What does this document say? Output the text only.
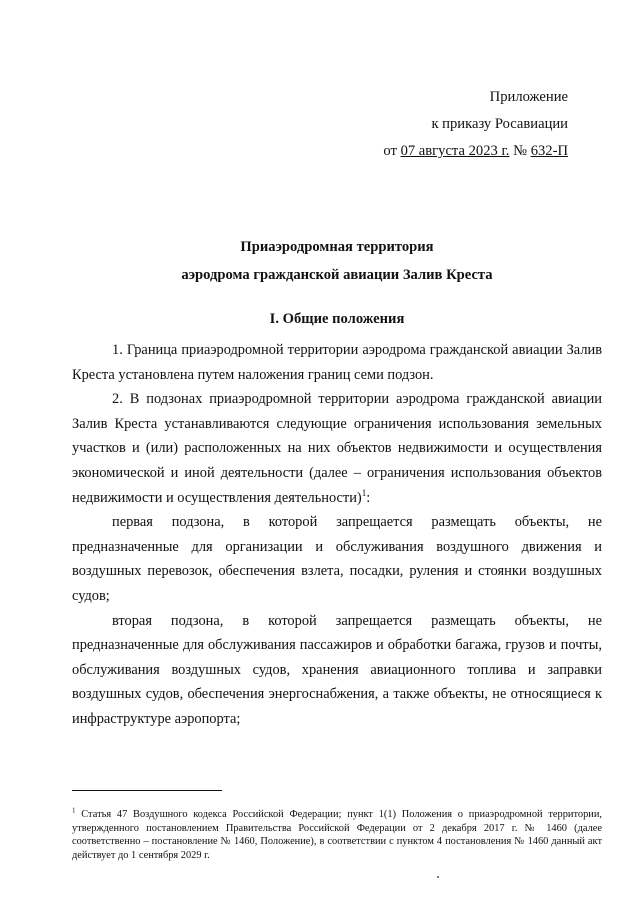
Приложение
к приказу Росавиации
от 07 августа 2023 г. № 632-П
Приаэродромная территория
аэродрома гражданской авиации Залив Креста
I. Общие положения

1. Граница приаэродромной территории аэродрома гражданской авиации Залив Креста установлена путем наложения границ семи подзон.

2. В подзонах приаэродромной территории аэродрома гражданской авиации Залив Креста устанавливаются следующие ограничения использования земельных участков и (или) расположенных на них объектов недвижимости и осуществления экономической и иной деятельности (далее – ограничения использования объектов недвижимости и осуществления деятельности)$^1$:

первая подзона, в которой запрещается размещать объекты, не предназначенные для организации и обслуживания воздушного движения и воздушных перевозок, обеспечения взлета, посадки, руления и стоянки воздушных судов;

вторая подзона, в которой запрещается размещать объекты, не предназначенные для обслуживания пассажиров и обработки багажа, грузов и почты, обслуживания воздушных судов, хранения авиационного топлива и заправки воздушных судов, обеспечения энергоснабжения, а также объекты, не относящиеся к инфраструктуре аэропорта;

$^1$ Статья 47 Воздушного кодекса Российской Федерации; пункт 1(1) Положения о приаэродромной территории, утвержденного постановлением Правительства Российской Федерации от 2 декабря 2017 г. № 1460 (далее соответственно – постановление № 1460, Положение), в соответствии с пунктом 4 постановления № 1460 данный акт действует до 1 сентября 2029 г.
